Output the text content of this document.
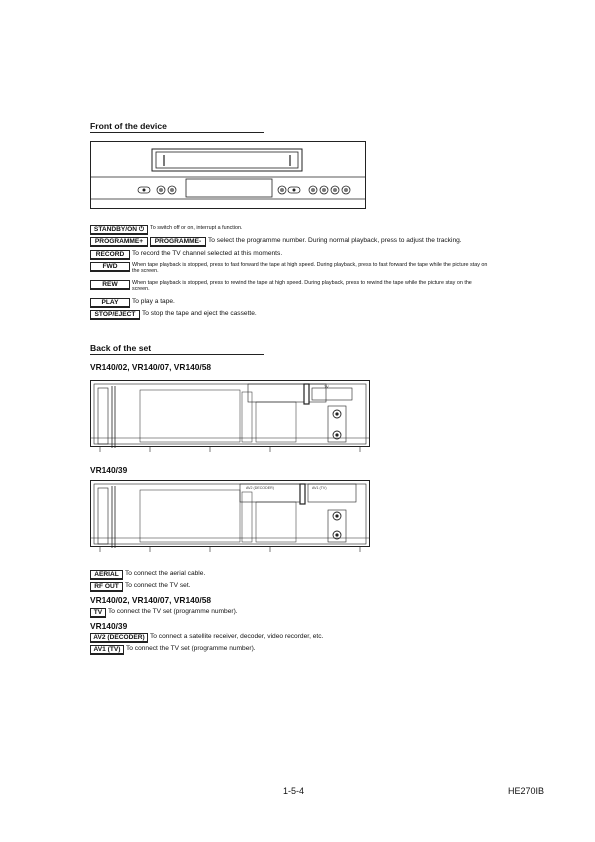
Front of the device
STANDBY/ON ⏻	To switch off or on, interrupt a function.
PROGRAMME+	PROGRAMME-	To select the programme number. During normal playback, press to adjust the tracking.
RECORD	To record the TV channel selected at this moments.
FWD	When tape playback is stopped, press to fast forward the tape at high speed. During playback, press to fast forward the tape while the picture stay on the screen.
REW	When tape playback is stopped, press to rewind the tape at high speed. During playback, press to rewind the tape while the picture stay on the screen.
PLAY	To play a tape.
STOP/EJECT To stop the tape and eject the cassette.
Back of the set
VR140/02, VR140/07, VR140/58
TV
VR140/39
AV2 (DECODER)	AV1 (TV)
AERIAL To connect the aerial cable.
RF OUT To connect the TV set.
VR140/02, VR140/07, VR140/58
TV To connect the TV set (programme number).
VR140/39
AV2 (DECODER) To connect a satellite receiver, decoder, video recorder, etc.
AV1 (TV) To connect the TV set (programme number).
1-5-4	HE270IB
